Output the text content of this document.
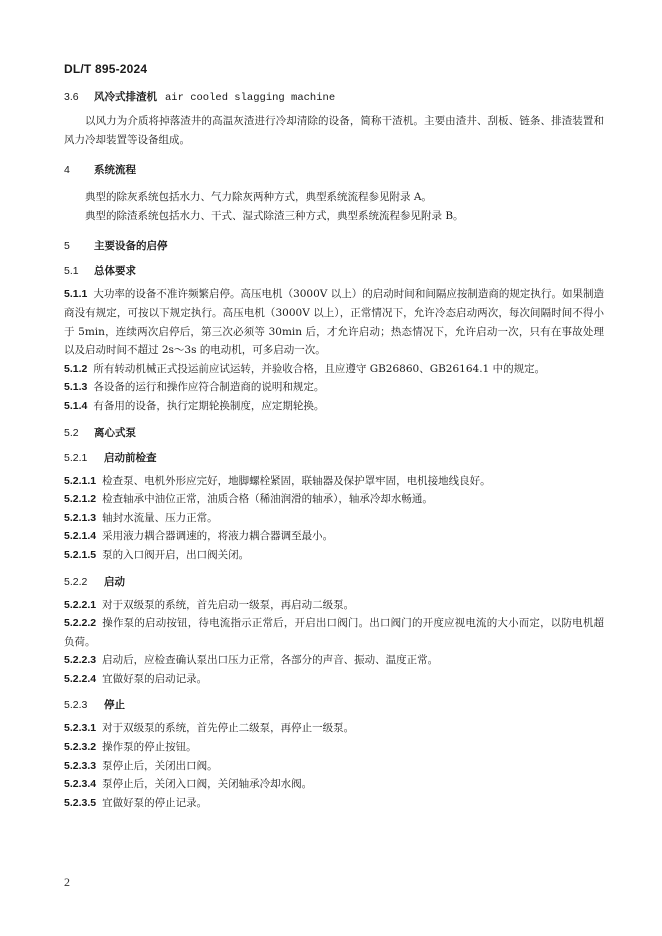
DL/T 895-2024
3.6 风冷式排渣机 air cooled slagging machine

以风力为介质将掉落渣井的高温灰渣进行冷却清除的设备，简称干渣机。主要由渣井、刮板、链条、排渣装置和风力冷却装置等设备组成。

4 系统流程

典型的除灰系统包括水力、气力除灰两种方式，典型系统流程参见附录 A。

典型的除渣系统包括水力、干式、湿式除渣三种方式，典型系统流程参见附录 B。

5 主要设备的启停
5.1 总体要求

5.1.1 大功率的设备不准许频繁启停。高压电机（3000V 以上）的启动时间和间隔应按制造商的规定执行。如果制造商没有规定，可按以下规定执行。高压电机（3000V 以上），正常情况下，允许冷态启动两次，每次间隔时间不得小于 5min，连续两次启停后，第三次必须等 30min 后，才允许启动；热态情况下，允许启动一次，只有在事故处理以及启动时间不超过 2s～3s 的电动机，可多启动一次。

5.1.2 所有转动机械正式投运前应试运转，并验收合格，且应遵守 GB26860、GB26164.1 中的规定。

5.1.3 各设备的运行和操作应符合制造商的说明和规定。

5.1.4 有备用的设备，执行定期轮换制度，应定期轮换。

5.2 离心式泵
5.2.1 启动前检查

5.2.1.1 检查泵、电机外形应完好，地脚螺栓紧固，联轴器及保护罩牢固，电机接地线良好。

5.2.1.2 检查轴承中油位正常，油质合格（稀油润滑的轴承），轴承冷却水畅通。

5.2.1.3 轴封水流量、压力正常。

5.2.1.4 采用液力耦合器调速的，将液力耦合器调至最小。

5.2.1.5 泵的入口阀开启，出口阀关闭。

5.2.2 启动

5.2.2.1 对于双级泵的系统，首先启动一级泵，再启动二级泵。

5.2.2.2 操作泵的启动按钮，待电流指示正常后，开启出口阀门。出口阀门的开度应视电流的大小而定，以防电机超负荷。

5.2.2.3 启动后，应检查确认泵出口压力正常，各部分的声音、振动、温度正常。

5.2.2.4 宜做好泵的启动记录。

5.2.3 停止

5.2.3.1 对于双级泵的系统，首先停止二级泵，再停止一级泵。

5.2.3.2 操作泵的停止按钮。

5.2.3.3 泵停止后，关闭出口阀。

5.2.3.4 泵停止后，关闭入口阀，关闭轴承冷却水阀。

5.2.3.5 宜做好泵的停止记录。

2
